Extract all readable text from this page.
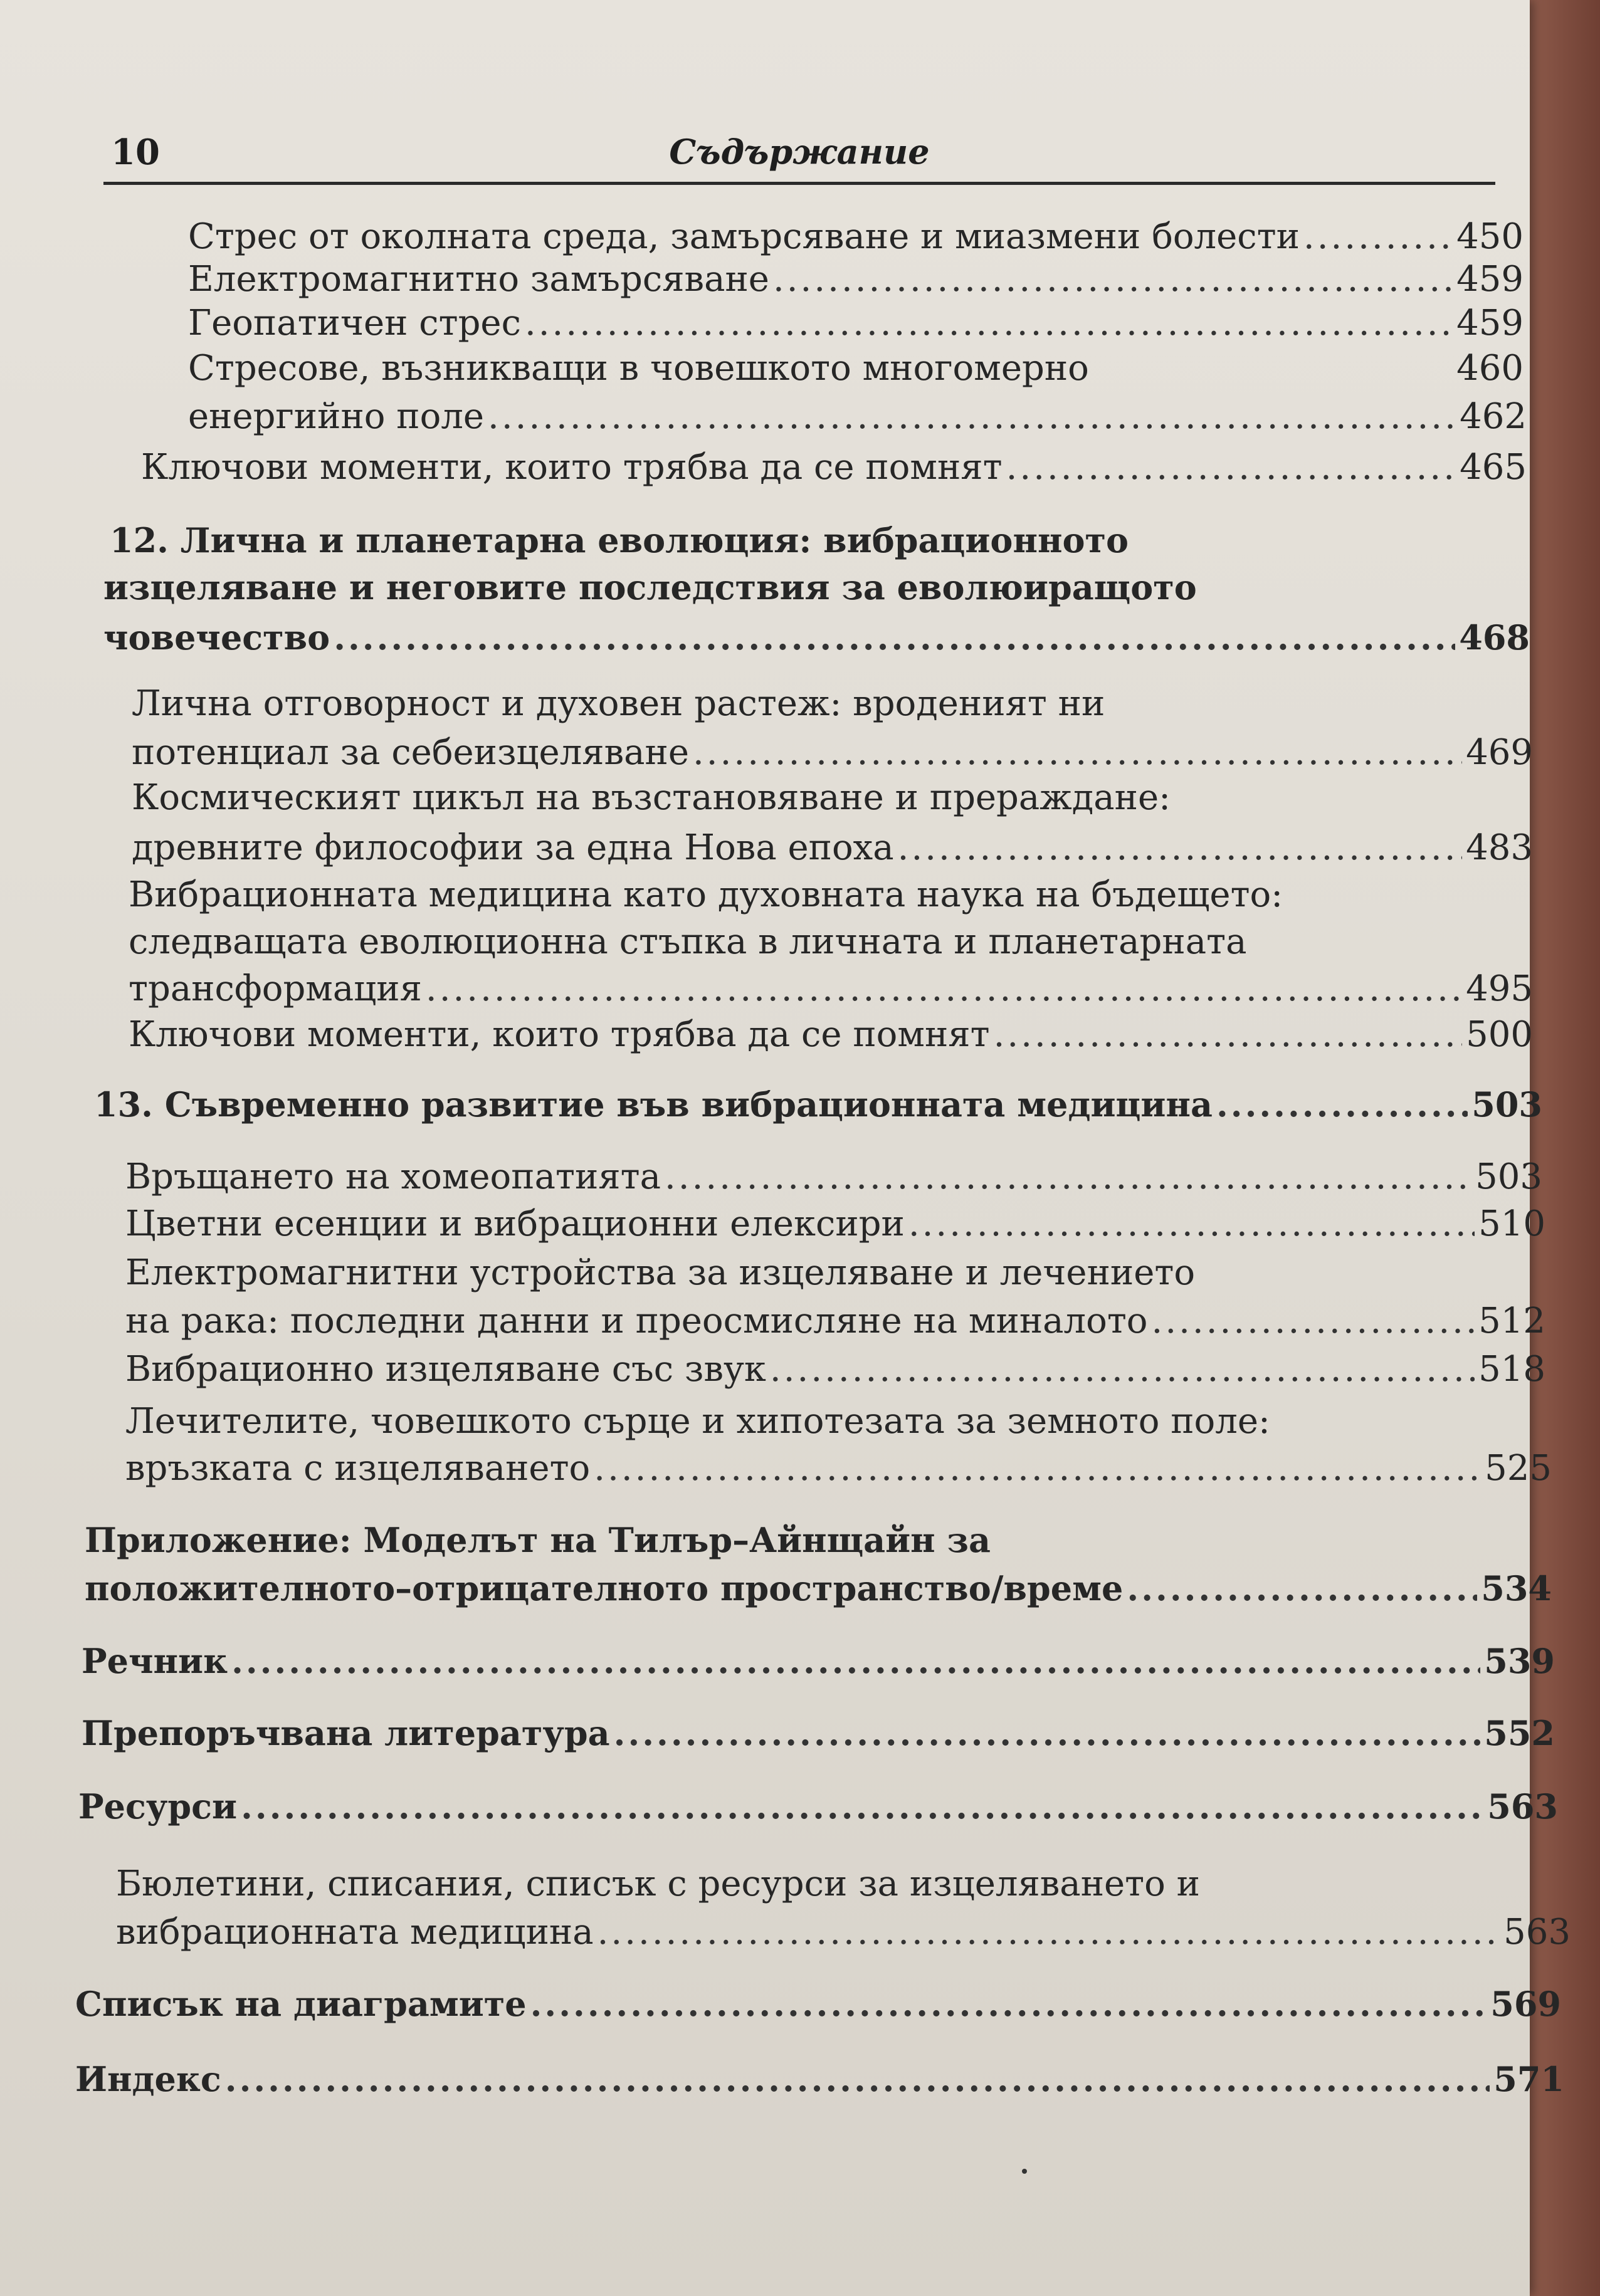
10	Съдържание
Стрес от околната среда, замърсяване и миазмени болести .....	450
Електромагнитно замърсяване .....	459
Геопатичен стрес .....	459
Стресове, възникващи в човешкото многомерно	460
енергийно поле .....	462
Ключови моменти, които трябва да се помнят .....	465
12. Лична и планетарна еволюция: вибрационното
изцеляване и неговите последствия за еволюиращото
човечество .....	468
Лична отговорност и духовен растеж: вроденият ни
потенциал за себеизцеляване .....	469
Космическият цикъл на възстановяване и прераждане:
древните философии за една Нова епоха .....	483
Вибрационната медицина като духовната наука на бъдещето:
следващата еволюционна стъпка в личната и планетарната
трансформация .....	495
Ключови моменти, които трябва да се помнят .....	500
13. Съвременно развитие във вибрационната медицина .....	503
Връщането на хомеопатията .....	503
Цветни есенции и вибрационни елексири .....	510
Електромагнитни устройства за изцеляване и лечението
на рака: последни данни и преосмисляне на миналото .....	512
Вибрационно изцеляване със звук .....	518
Лечителите, човешкото сърце и хипотезата за земното поле:
връзката с изцеляването .....	525
Приложение: Моделът на Тилър–Айнщайн за
положителното–отрицателното пространство/време .....	534
Речник .....	539
Препоръчвана литература .....	552
Ресурси .....	563
Бюлетини, списания, списък с ресурси за изцеляването и
вибрационната медицина .....	563
Списък на диаграмите .....	569
Индекс .....	571
